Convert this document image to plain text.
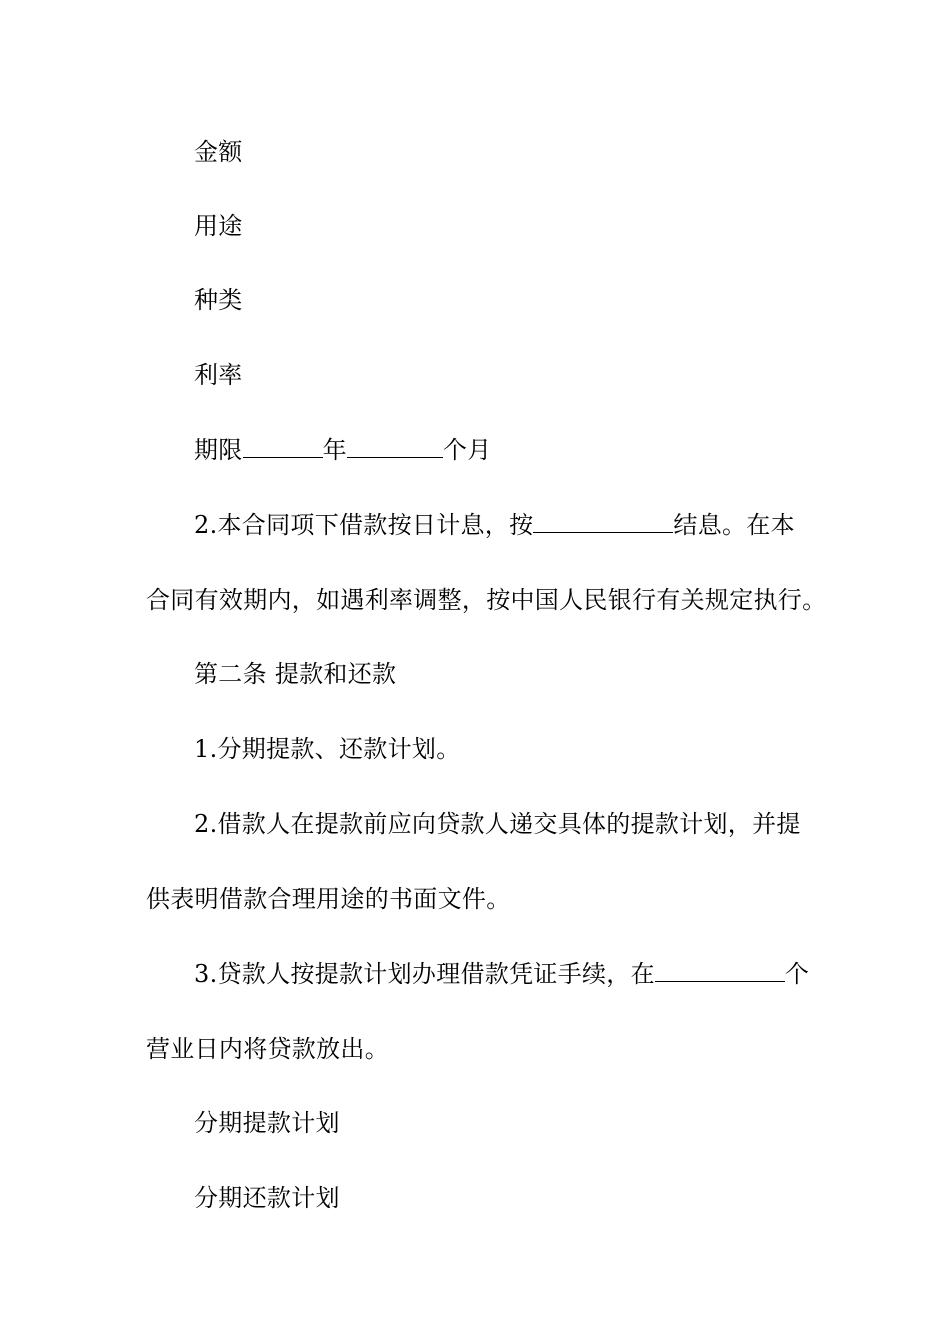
金额
用途
种类
利率
期限	年	个月
2.本合同项下借款按日计息，按	结息。在本
合同有效期内，如遇利率调整，按中国人民银行有关规定执行。
第二条 提款和还款
1.分期提款、还款计划。
2.借款人在提款前应向贷款人递交具体的提款计划，并提
供表明借款合理用途的书面文件。
3.贷款人按提款计划办理借款凭证手续，在	个
营业日内将贷款放出。
分期提款计划
分期还款计划
